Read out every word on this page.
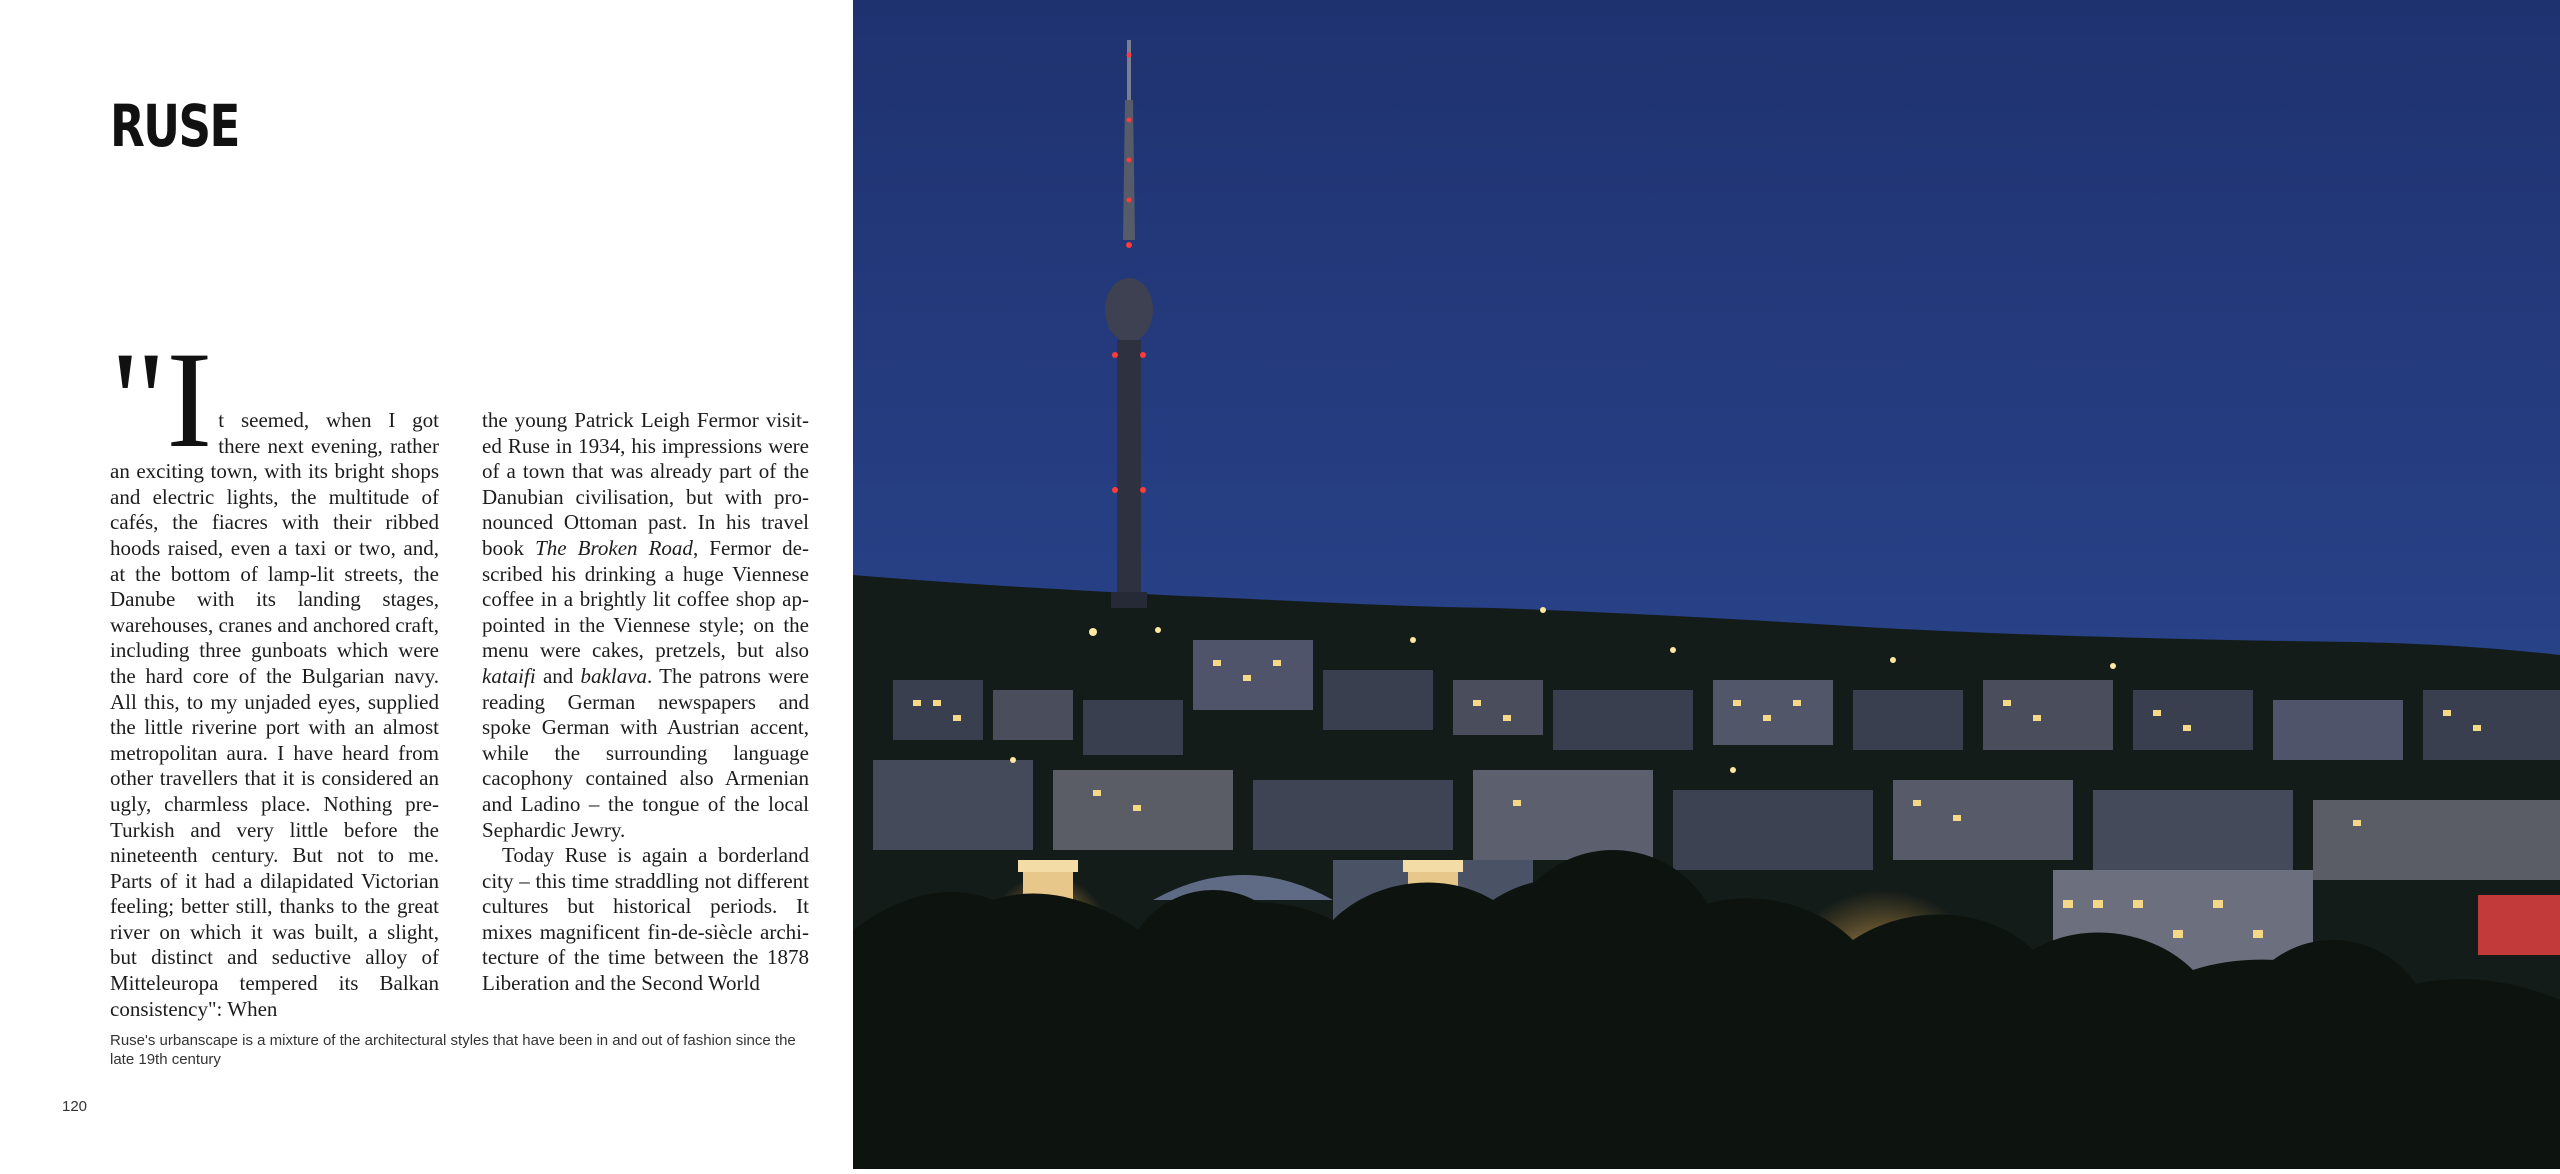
RUSE

"It seemed, when I got there next evening, rather an exciting town, with its bright shops and electric lights, the multitude of cafés, the fiacres with their ribbed hoods raised, even a taxi or two, and, at the bottom of lamp-lit streets, the Danube with its landing stages, warehouses, cranes and anchored craft, including three gunboats which were the hard core of the Bulgarian navy. All this, to my unjaded eyes, supplied the little riverine port with an almost metropolitan aura. I have heard from other travellers that it is considered an ugly, charmless place. Nothing pre-Turkish and very little before the nineteenth century. But not to me. Parts of it had a dilapidated Victorian feeling; better still, thanks to the great river on which it was built, a slight, but distinct and seductive alloy of Mitteleuropa tempered its Balkan consistency": When

the young Patrick Leigh Fermor visited Ruse in 1934, his impressions were of a town that was already part of the Danubian civilisation, but with pronounced Ottoman past. In his travel book The Broken Road, Fermor described his drinking a huge Viennese coffee in a brightly lit coffee shop appointed in the Viennese style; on the menu were cakes, pretzels, but also kataifi and baklava. The patrons were reading German newspapers and spoke German with Austrian accent, while the surrounding language cacophony contained also Armenian and Ladino – the tongue of the local Sephardic Jewry.

Today Ruse is again a borderland city – this time straddling not different cultures but historical periods. It mixes magnificent fin-de-siècle architecture of the time between the 1878 Liberation and the Second World

Ruse's urbanscape is a mixture of the architectural styles that have been in and out of fashion since the late 19th century
120
